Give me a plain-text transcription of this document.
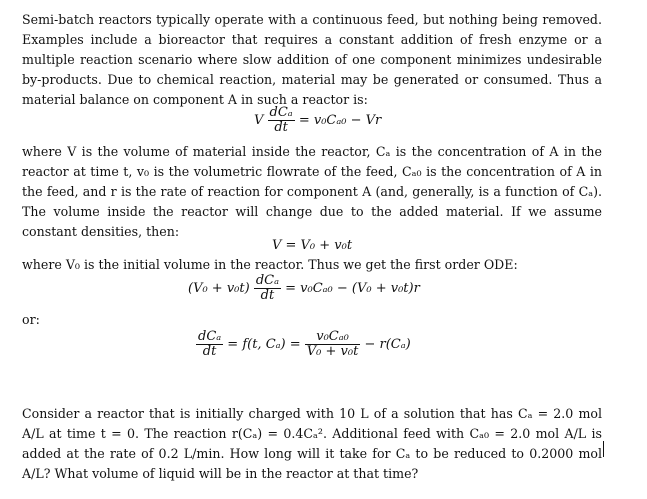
Semi-batch reactors typically operate with a continuous feed, but nothing being removed. Examples include a bioreactor that requires a constant addition of fresh enzyme or a multiple reaction scenario where slow addition of one component minimizes undesirable by-products. Due to chemical reaction, material may be generated or consumed. Thus a material balance on component A in such a reactor is:

V $\frac{\text{dCₐ}}{dt} = v_0C_{a0} - Vr$

where V is the volume of material inside the reactor, Cₐ is the concentration of A in the reactor at time t, v₀ is the volumetric flowrate of the feed, Cₐ₀ is the concentration of A in the feed, and r is the rate of reaction for component A (and, generally, is a function of Cₐ). The volume inside the reactor will change due to the added material. If we assume constant densities, then:

V = V₀ + v₀t

where V₀ is the initial volume in the reactor. Thus we get the first order ODE:

$(V_0 + v_0t) \frac{\text{dCₐ}}{dt} = v_0C_{a0} - (V_0 + v_0t)r$
or:
$\frac{\text{dCₐ}}{dt} = f(t$, $C_a) = \frac{\text{v₀Cₐ₀}}{\text{V₀ + v₀t}} - r(C_a)$

Consider a reactor that is initially charged with 10 L of a solution that has Cₐ = 2.0 mol A/L at time t = 0. The reaction r(Cₐ) = 0.4Cₐ². Additional feed with Cₐ₀ = 2.0 mol A/L is added at the rate of 0.2 L/min. How long will it take for Cₐ to be reduced to 0.2000 mol A/L? What volume of liquid will be in the reactor at that time?
